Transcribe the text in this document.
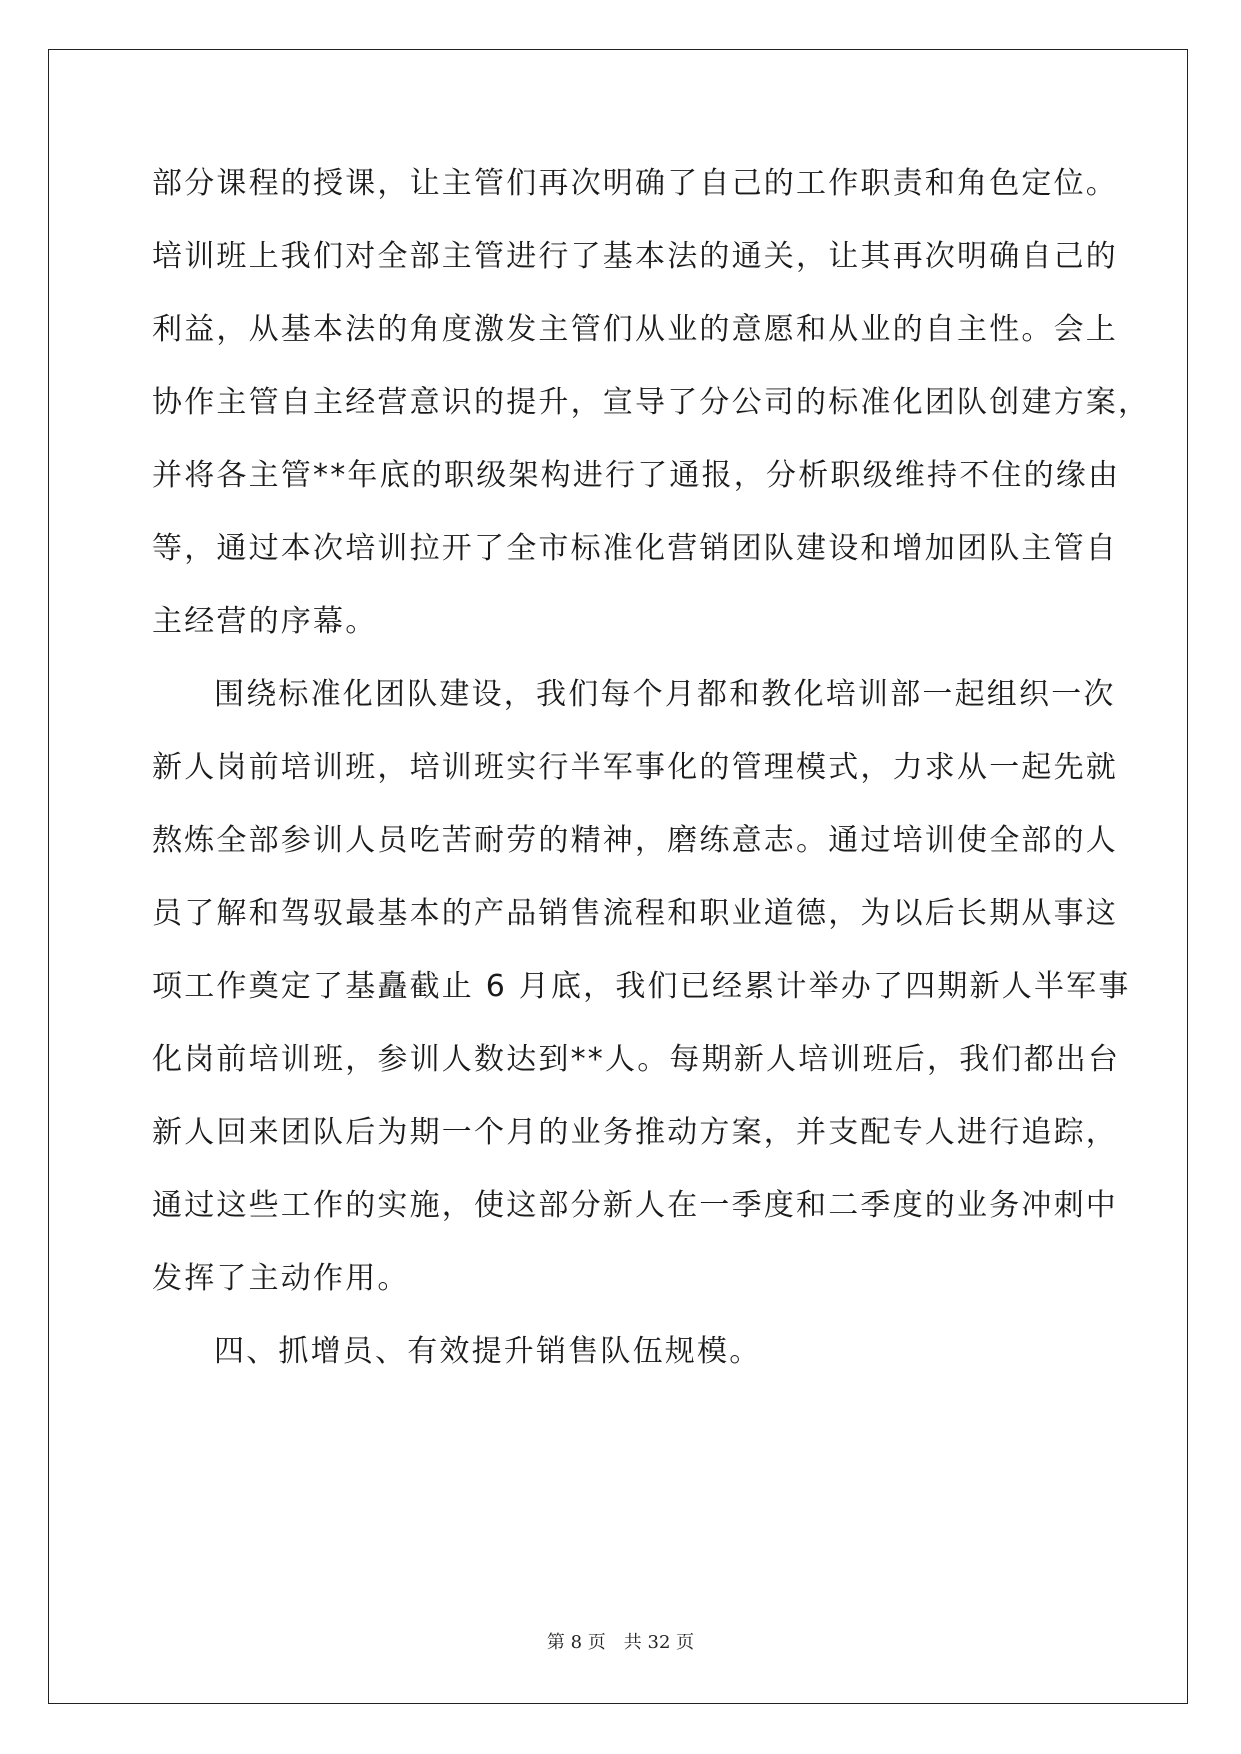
部分课程的授课，让主管们再次明确了自己的工作职责和角色定位。
培训班上我们对全部主管进行了基本法的通关，让其再次明确自己的
利益，从基本法的角度激发主管们从业的意愿和从业的自主性。会上
协作主管自主经营意识的提升，宣导了分公司的标准化团队创建方案，
并将各主管**年底的职级架构进行了通报，分析职级维持不住的缘由
等，通过本次培训拉开了全市标准化营销团队建设和增加团队主管自
主经营的序幕。
围绕标准化团队建设，我们每个月都和教化培训部一起组织一次
新人岗前培训班，培训班实行半军事化的管理模式，力求从一起先就
熬炼全部参训人员吃苦耐劳的精神，磨练意志。通过培训使全部的人
员了解和驾驭最基本的产品销售流程和职业道德，为以后长期从事这
项工作奠定了基矗截止 6 月底，我们已经累计举办了四期新人半军事
化岗前培训班，参训人数达到**人。每期新人培训班后，我们都出台
新人回来团队后为期一个月的业务推动方案，并支配专人进行追踪，
通过这些工作的实施，使这部分新人在一季度和二季度的业务冲刺中
发挥了主动作用。
四、抓增员、有效提升销售队伍规模。
第 8 页 共 32 页
